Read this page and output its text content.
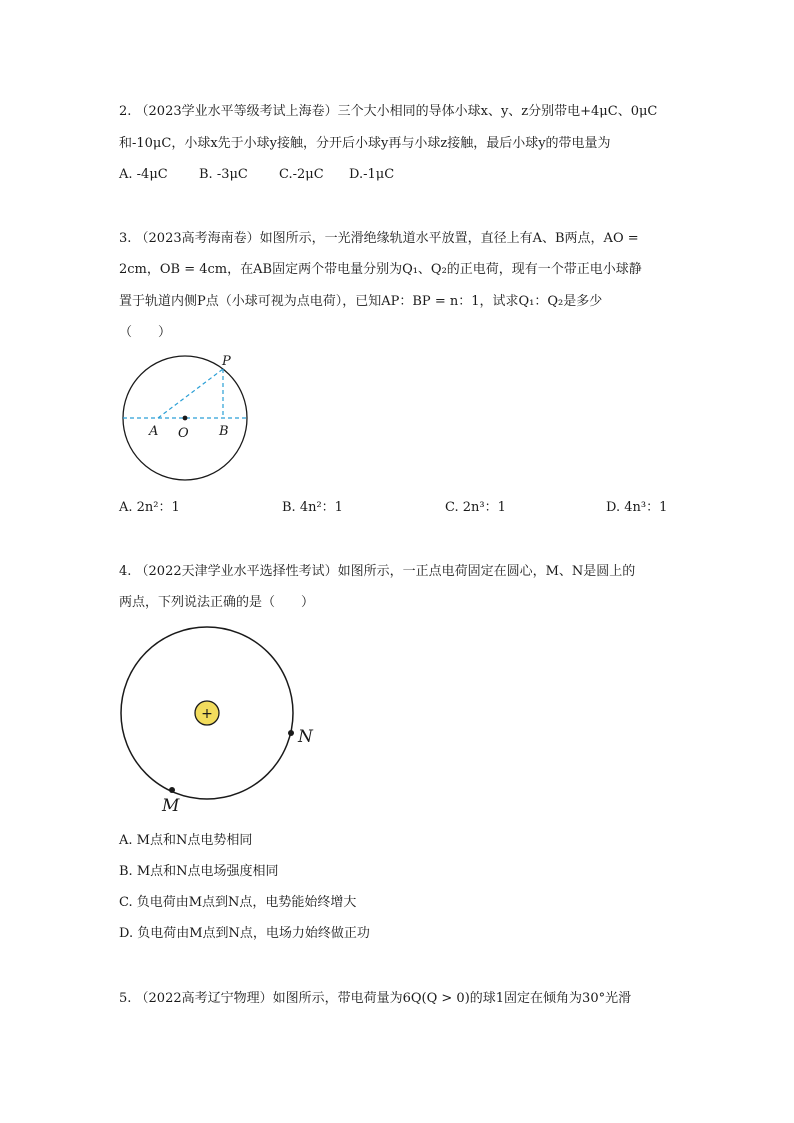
2. （2023学业水平等级考试上海卷）三个大小相同的导体小球x、y、z分别带电+4μC、0μC
和-10μC，小球x先于小球y接触，分开后小球y再与小球z接触，最后小球y的带电量为
A. -4μC B. -3μC C.-2μC D.-1μC
3. （2023高考海南卷）如图所示，一光滑绝缘轨道水平放置，直径上有A、B两点，AO =
2cm，OB = 4cm，在AB固定两个带电量分别为Q₁、Q₂的正电荷，现有一个带正电小球静
置于轨道内侧P点（小球可视为点电荷），已知AP：BP = n：1，试求Q₁：Q₂是多少
（　　）
P
A O B
A. 2n²：1	B. 4n²：1	C. 2n³：1	D. 4n³：1
4. （2022天津学业水平选择性考试）如图所示，一正点电荷固定在圆心，M、N是圆上的
两点，下列说法正确的是（　　）
+
N
M
A. M点和N点电势相同
B. M点和N点电场强度相同
C. 负电荷由M点到N点，电势能始终增大
D. 负电荷由M点到N点，电场力始终做正功
5. （2022高考辽宁物理）如图所示，带电荷量为6Q(Q > 0)的球1固定在倾角为30°光滑
